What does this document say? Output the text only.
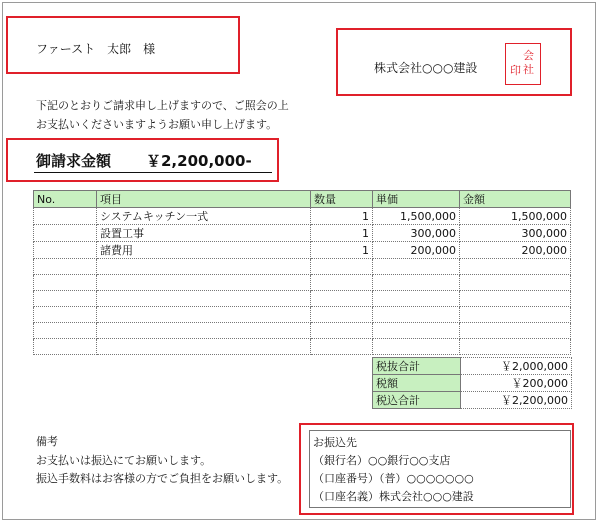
ファースト　太郎　様
株式会社○○○建設	印
会
社
下記のとおりご請求申し上げますので、ご照会の上
お支払いくださいますようお願い申し上げます。
御請求金額 ￥2,200,000-
No.	項目	数量	単価	金額
	システムキッチン一式	1	1,500,000	1,500,000
	設置工事	1	300,000	300,000
	諸費用	1	200,000	200,000

税抜合計	￥2,000,000
税額	￥200,000
税込合計	￥2,200,000
備考
お支払いは振込にてお願いします。
振込手数料はお客様の方でご負担をお願いします。
お振込先
（銀行名）○○銀行○○支店
（口座番号）（普）○○○○○○○
（口座名義）株式会社○○○建設
